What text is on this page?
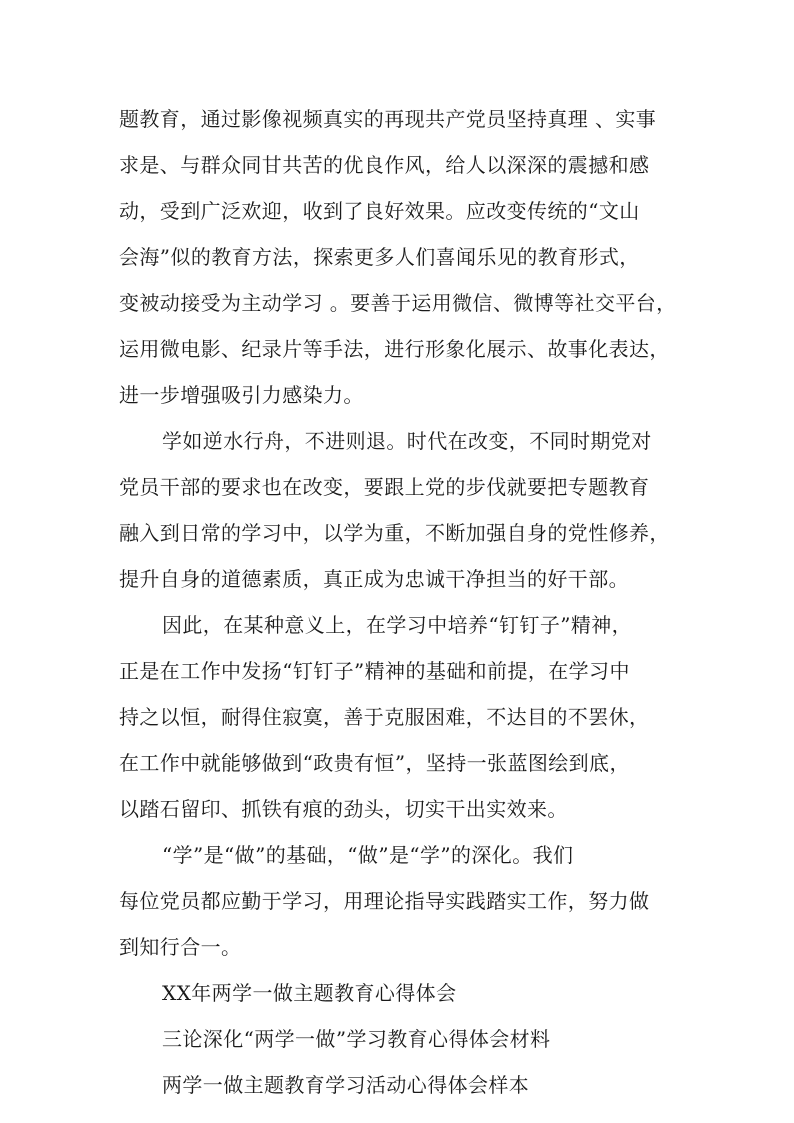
题教育，通过影像视频真实的再现共产党员坚持真理 、实事
求是、与群众同甘共苦的优良作风，给人以深深的震撼和感
动，受到广泛欢迎，收到了良好效果。应改变传统的“文山
会海”似的教育方法，探索更多人们喜闻乐见的教育形式，
变被动接受为主动学习 。要善于运用微信、微博等社交平台，
运用微电影、纪录片等手法，进行形象化展示、故事化表达，
进一步增强吸引力感染力。
学如逆水行舟，不进则退。时代在改变，不同时期党对
党员干部的要求也在改变，要跟上党的步伐就要把专题教育
融入到日常的学习中，以学为重，不断加强自身的党性修养，
提升自身的道德素质，真正成为忠诚干净担当的好干部。
因此，在某种意义上，在学习中培养“钉钉子”精神，
正是在工作中发扬“钉钉子”精神的基础和前提，在学习中
持之以恒，耐得住寂寞，善于克服困难，不达目的不罢休，
在工作中就能够做到“政贵有恒”，坚持一张蓝图绘到底，
以踏石留印、抓铁有痕的劲头，切实干出实效来。
“学”是“做”的基础，“做”是“学”的深化。我们
每位党员都应勤于学习，用理论指导实践踏实工作，努力做
到知行合一。
XX年两学一做主题教育心得体会
三论深化“两学一做”学习教育心得体会材料
两学一做主题教育学习活动心得体会样本
